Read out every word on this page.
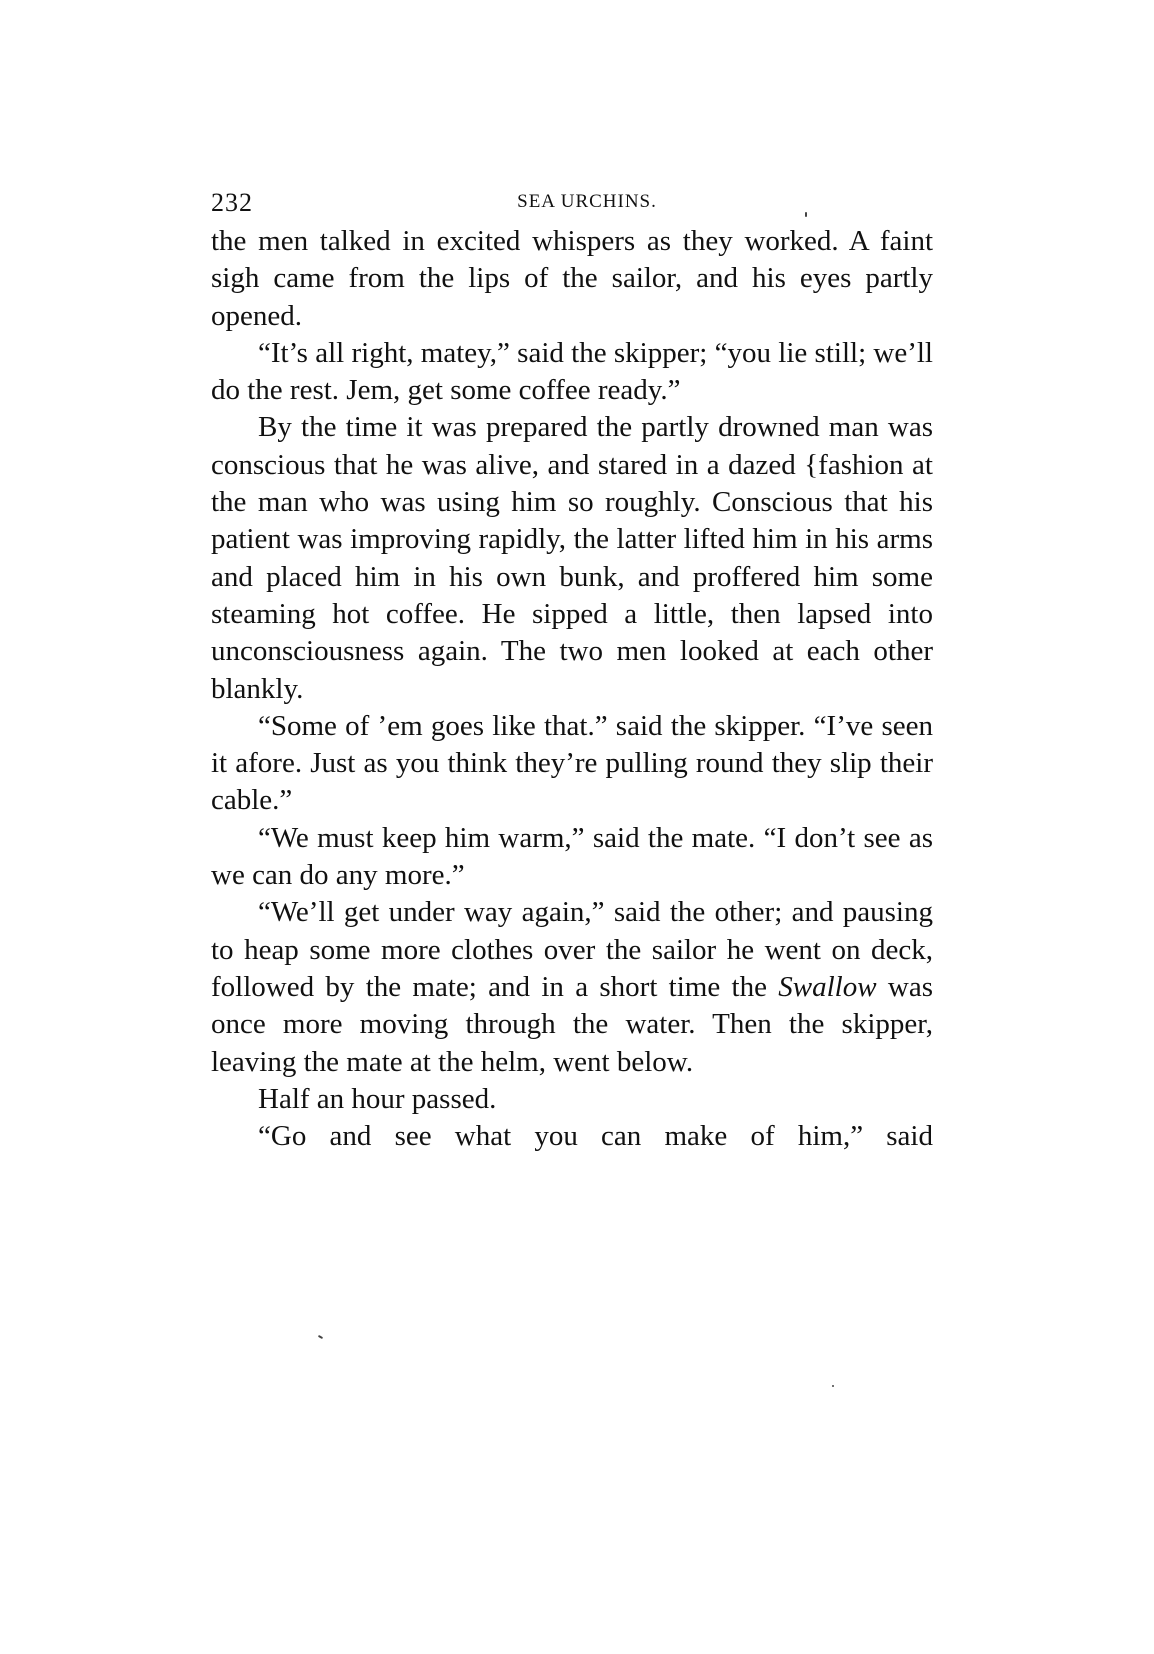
232	SEA URCHINS.

the men talked in excited whispers as they worked. A faint sigh came from the lips of the sailor, and his eyes partly opened.

“It’s all right, matey,” said the skipper; “you lie still; we’ll do the rest. Jem, get some coffee ready.”

By the time it was prepared the partly drowned man was conscious that he was alive, and stared in a dazed {fashion at the man who was using him so roughly. Conscious that his patient was improving rapidly, the latter lifted him in his arms and placed him in his own bunk, and proffered him some steaming hot coffee. He sipped a little, then lapsed into unconsciousness again. The two men looked at each other blankly.

“Some of ’em goes like that.” said the skipper. “I’ve seen it afore. Just as you think they’re pulling round they slip their cable.”

“We must keep him warm,” said the mate. “I don’t see as we can do any more.”

“We’ll get under way again,” said the other; and pausing to heap some more clothes over the sailor he went on deck, followed by the mate; and in a short time the Swallow was once more moving through the water. Then the skipper, leaving the mate at the helm, went below.

Half an hour passed.

“Go and see what you can make of him,” said
